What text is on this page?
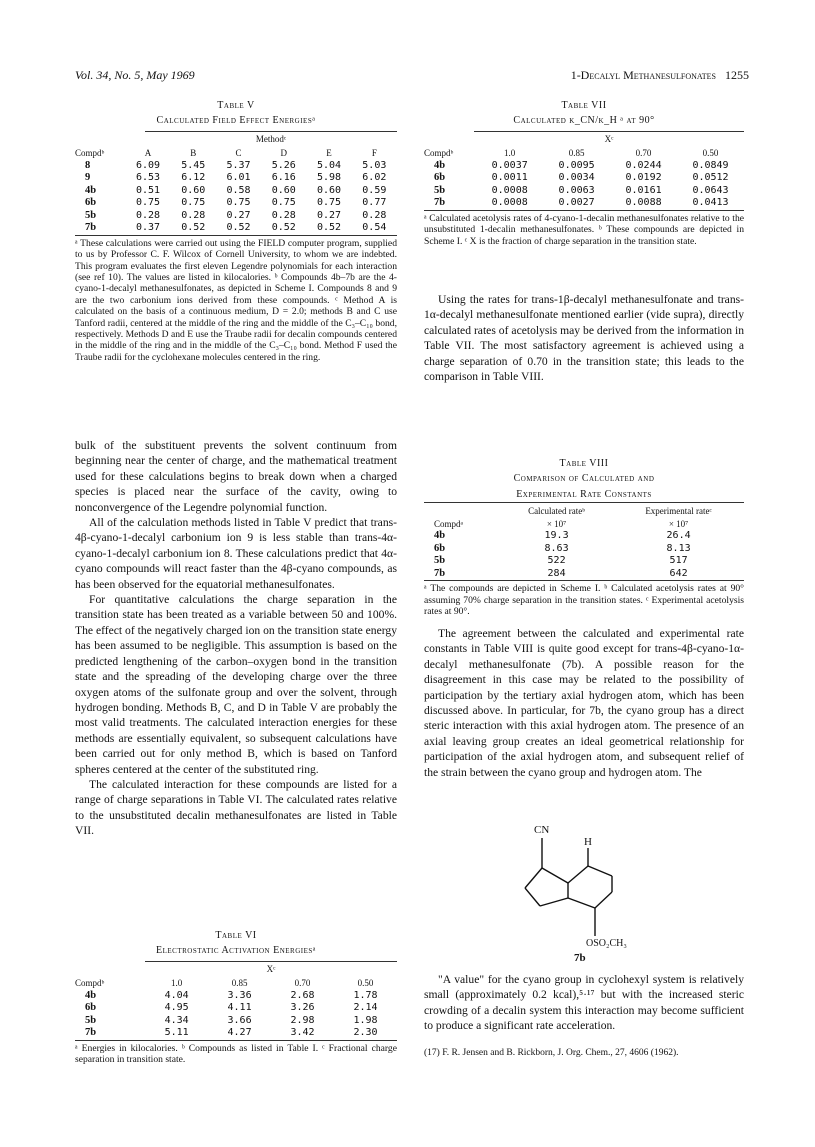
Vol. 34, No. 5, May 1969	1-Decalyl Methanesulfonates 1255
Table V
Calculated Field Effect Energiesᵃ
Methodᶜ
Compdᵇ	A	B	C	D	E	F
8	6.09	5.45	5.37	5.26	5.04	5.03
9	6.53	6.12	6.01	6.16	5.98	6.02
4b	0.51	0.60	0.58	0.60	0.60	0.59
6b	0.75	0.75	0.75	0.75	0.75	0.77
5b	0.28	0.28	0.27	0.28	0.27	0.28
7b	0.37	0.52	0.52	0.52	0.52	0.54
ᵃ These calculations were carried out using the FIELD computer program, supplied to us by Professor C. F. Wilcox of Cornell University, to whom we are indebted. This program evaluates the first eleven Legendre polynomials for each interaction (see ref 10). The values are listed in kilocalories. ᵇ Compounds 4b–7b are the 4-cyano-1-decalyl methanesulfonates, as depicted in Scheme I. Compounds 8 and 9 are the two carbonium ions derived from these compounds. ᶜ Method A is calculated on the basis of a continuous medium, D = 2.0; methods B and C use Tanford radii, centered at the middle of the ring and the middle of the C₃–C₁₀ bond, respectively. Methods D and E use the Traube radii for decalin compounds centered in the middle of the ring and in the middle of the C₃–C₁₀ bond. Method F used the Traube radii for the cyclohexane molecules centered in the ring.

bulk of the substituent prevents the solvent continuum from beginning near the center of charge, and the mathematical treatment used for these calculations begins to break down when a charged species is placed near the surface of the cavity, owing to nonconvergence of the Legendre polynomial function.

All of the calculation methods listed in Table V predict that trans-4β-cyano-1-decalyl carbonium ion 9 is less stable than trans-4α-cyano-1-decalyl carbonium ion 8. These calculations predict that 4α-cyano compounds will react faster than the 4β-cyano compounds, as has been observed for the equatorial methanesulfonates.

For quantitative calculations the charge separation in the transition state has been treated as a variable between 50 and 100%. The effect of the negatively charged ion on the transition state energy has been assumed to be negligible. This assumption is based on the predicted lengthening of the carbon–oxygen bond in the transition state and the spreading of the developing charge over the three oxygen atoms of the sulfonate group and over the solvent, through hydrogen bonding. Methods B, C, and D in Table V are probably the most valid treatments. The calculated interaction energies for these methods are essentially equivalent, so subsequent calculations have been carried out for only method B, which is based on Tanford spheres centered at the center of the substituted ring.

The calculated interaction for these compounds are listed for a range of charge separations in Table VI. The calculated rates relative to the unsubstituted decalin methanesulfonates are listed in Table VII.

Table VI
Electrostatic Activation Energiesᵃ
Xᶜ
Compdᵇ	1.0	0.85	0.70	0.50
4b	4.04	3.36	2.68	1.78
6b	4.95	4.11	3.26	2.14
5b	4.34	3.66	2.98	1.98
7b	5.11	4.27	3.42	2.30
ᵃ Energies in kilocalories. ᵇ Compounds as listed in Table I. ᶜ Fractional charge separation in transition state.
Table VII
Calculated k_CN/k_H ᵃ at 90°
Xᶜ
Compdᵇ	1.0	0.85	0.70	0.50
4b	0.0037	0.0095	0.0244	0.0849
6b	0.0011	0.0034	0.0192	0.0512
5b	0.0008	0.0063	0.0161	0.0643
7b	0.0008	0.0027	0.0088	0.0413
ᵃ Calculated acetolysis rates of 4-cyano-1-decalin methanesulfonates relative to the unsubstituted 1-decalin methanesulfonates. ᵇ These compounds are depicted in Scheme I. ᶜ X is the fraction of charge separation in the transition state.

Using the rates for trans-1β-decalyl methanesulfonate and trans-1α-decalyl methanesulfonate mentioned earlier (vide supra), directly calculated rates of acetolysis may be derived from the information in Table VII. The most satisfactory agreement is achieved using a charge separation of 0.70 in the transition state; this leads to the comparison in Table VIII.

Table VIII
Comparison of Calculated and
Experimental Rate Constants
	Calculated rateᵇ	Experimental rateᶜ
Compdᵃ	× 10⁷	× 10⁷
4b	19.3	26.4
6b	8.63	8.13
5b	522	517
7b	284	642
ᵃ The compounds are depicted in Scheme I. ᵇ Calculated acetolysis rates at 90° assuming 70% charge separation in the transition states. ᶜ Experimental acetolysis rates at 90°.

The agreement between the calculated and experimental rate constants in Table VIII is quite good except for trans-4β-cyano-1α-decalyl methanesulfonate (7b). A possible reason for the disagreement in this case may be related to the possibility of participation by the tertiary axial hydrogen atom, which has been discussed above. In particular, for 7b, the cyano group has a direct steric interaction with this axial hydrogen atom. The presence of an axial leaving group creates an ideal geometrical relationship for participation of the axial hydrogen atom, and subsequent relief of the strain between the cyano group and hydrogen atom. The

CN
H
OSO₂CH₃
7b

"A value" for the cyano group in cyclohexyl system is relatively small (approximately 0.2 kcal),⁵·¹⁷ but with the increased steric crowding of a decalin system this interaction may become sufficient to produce a significant rate acceleration.

(17) F. R. Jensen and B. Rickborn, J. Org. Chem., 27, 4606 (1962).
